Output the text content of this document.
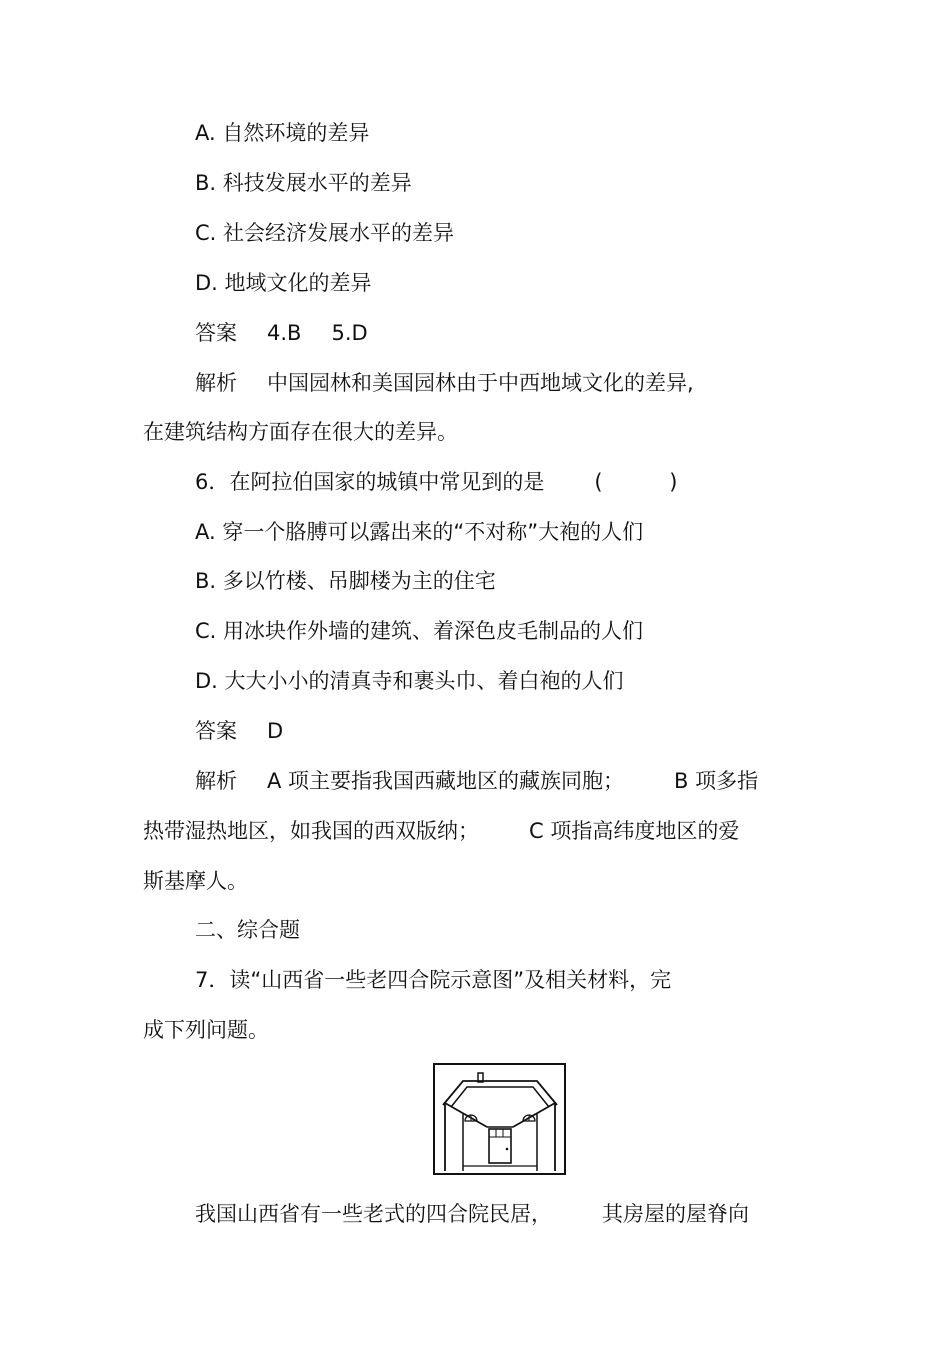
A. 自然环境的差异

B. 科技发展水平的差异

C. 社会经济发展水平的差异

D. 地域文化的差异

答案 4.B 5.D

解析 中国园林和美国园林由于中西地域文化的差异,

在建筑结构方面存在很大的差异。

6．在阿拉伯国家的城镇中常见到的是 (          )

A. 穿一个胳膊可以露出来的“不对称”大袍的人们

B. 多以竹楼、吊脚楼为主的住宅

C. 用冰块作外墙的建筑、着深色皮毛制品的人们

D. 大大小小的清真寺和裹头巾、着白袍的人们

答案 D

解析 A 项主要指我国西藏地区的藏族同胞； B 项多指

热带湿热地区，如我国的西双版纳； C 项指高纬度地区的爱

斯基摩人。

二、综合题

7．读“山西省一些老四合院示意图”及相关材料，完

成下列问题。

我国山西省有一些老式的四合院民居， 其房屋的屋脊向
